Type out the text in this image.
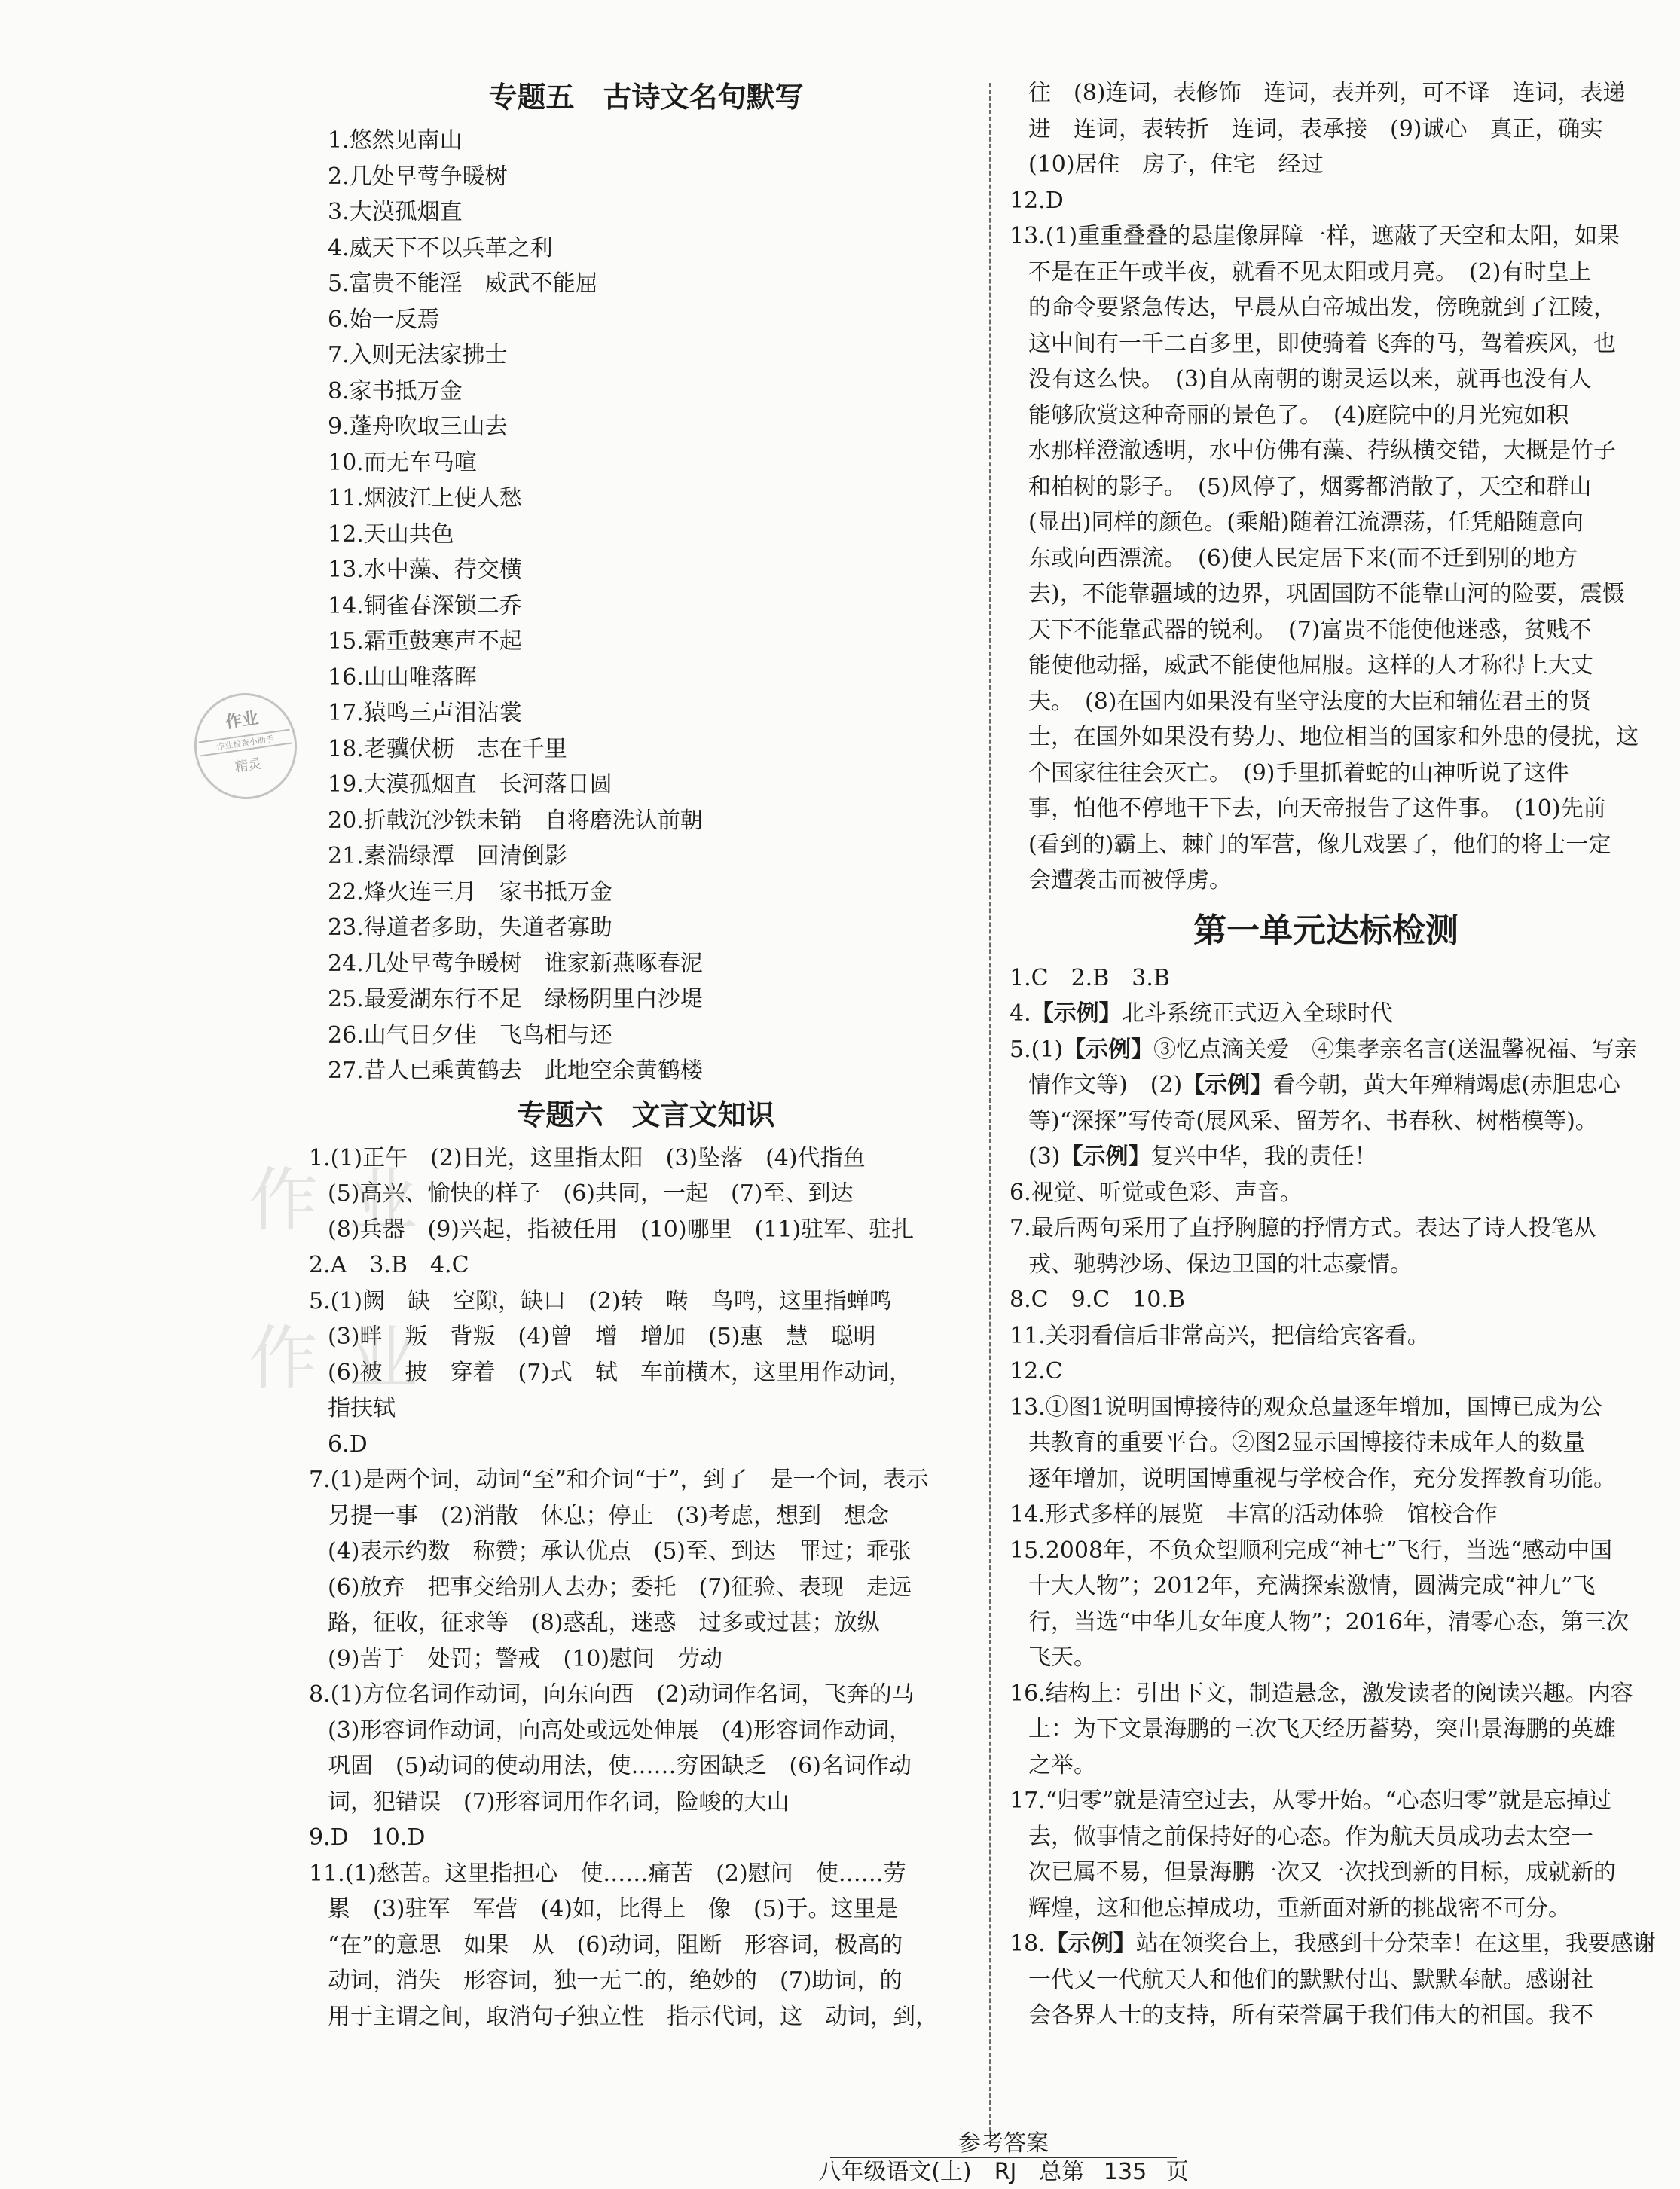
专题五　古诗文名句默写
1.悠然见南山
2.几处早莺争暖树
3.大漠孤烟直
4.威天下不以兵革之利
5.富贵不能淫　威武不能屈
6.始一反焉
7.入则无法家拂士
8.家书抵万金
9.蓬舟吹取三山去
10.而无车马喧
11.烟波江上使人愁
12.天山共色
13.水中藻、荇交横
14.铜雀春深锁二乔
15.霜重鼓寒声不起
16.山山唯落晖
17.猿鸣三声泪沾裳
18.老骥伏枥　志在千里
19.大漠孤烟直　长河落日圆
20.折戟沉沙铁未销　自将磨洗认前朝
21.素湍绿潭　回清倒影
22.烽火连三月　家书抵万金
23.得道者多助，失道者寡助
24.几处早莺争暖树　谁家新燕啄春泥
25.最爱湖东行不足　绿杨阴里白沙堤
26.山气日夕佳　飞鸟相与还
27.昔人已乘黄鹤去　此地空余黄鹤楼
专题六　文言文知识
1.(1)正午　(2)日光，这里指太阳　(3)坠落　(4)代指鱼
(5)高兴、愉快的样子　(6)共同，一起　(7)至、到达
(8)兵器　(9)兴起，指被任用　(10)哪里　(11)驻军、驻扎
2.A　3.B　4.C
5.(1)阙　缺　空隙，缺口　(2)转　啭　鸟鸣，这里指蝉鸣
(3)畔　叛　背叛　(4)曾　增　增加　(5)惠　慧　聪明
(6)被　披　穿着　(7)式　轼　车前横木，这里用作动词，
指扶轼
6.D
7.(1)是两个词，动词“至”和介词“于”，到了　是一个词，表示
另提一事　(2)消散　休息；停止　(3)考虑，想到　想念
(4)表示约数　称赞；承认优点　(5)至、到达　罪过；乖张
(6)放弃　把事交给别人去办；委托　(7)征验、表现　走远
路，征收，征求等　(8)惑乱，迷惑　过多或过甚；放纵
(9)苦于　处罚；警戒　(10)慰问　劳动
8.(1)方位名词作动词，向东向西　(2)动词作名词，飞奔的马
(3)形容词作动词，向高处或远处伸展　(4)形容词作动词，
巩固　(5)动词的使动用法，使……穷困缺乏　(6)名词作动
词，犯错误　(7)形容词用作名词，险峻的大山
9.D　10.D
11.(1)愁苦。这里指担心　使……痛苦　(2)慰问　使……劳
累　(3)驻军　军营　(4)如，比得上　像　(5)于。这里是
“在”的意思　如果　从　(6)动词，阻断　形容词，极高的
动词，消失　形容词，独一无二的，绝妙的　(7)助词，的
用于主谓之间，取消句子独立性　指示代词，这　动词，到，
往　(8)连词，表修饰　连词，表并列，可不译　连词，表递
进　连词，表转折　连词，表承接　(9)诚心　真正，确实
(10)居住　房子，住宅　经过
12.D
13.(1)重重叠叠的悬崖像屏障一样，遮蔽了天空和太阳，如果
不是在正午或半夜，就看不见太阳或月亮。　(2)有时皇上
的命令要紧急传达，早晨从白帝城出发，傍晚就到了江陵，
这中间有一千二百多里，即使骑着飞奔的马，驾着疾风，也
没有这么快。　(3)自从南朝的谢灵运以来，就再也没有人
能够欣赏这种奇丽的景色了。　(4)庭院中的月光宛如积
水那样澄澈透明，水中仿佛有藻、荇纵横交错，大概是竹子
和柏树的影子。　(5)风停了，烟雾都消散了，天空和群山
(显出)同样的颜色。(乘船)随着江流漂荡，任凭船随意向
东或向西漂流。　(6)使人民定居下来(而不迁到别的地方
去)，不能靠疆域的边界，巩固国防不能靠山河的险要，震慑
天下不能靠武器的锐利。　(7)富贵不能使他迷惑，贫贱不
能使他动摇，威武不能使他屈服。这样的人才称得上大丈
夫。　(8)在国内如果没有坚守法度的大臣和辅佐君王的贤
士，在国外如果没有势力、地位相当的国家和外患的侵扰，这
个国家往往会灭亡。　(9)手里抓着蛇的山神听说了这件
事，怕他不停地干下去，向天帝报告了这件事。　(10)先前
(看到的)霸上、棘门的军营，像儿戏罢了，他们的将士一定
会遭袭击而被俘虏。
第一单元达标检测
1.C　2.B　3.B
4.【示例】北斗系统正式迈入全球时代
5.(1)【示例】③忆点滴关爱　④集孝亲名言(送温馨祝福、写亲
情作文等)　(2)【示例】看今朝，黄大年殚精竭虑(赤胆忠心
等)“深探”写传奇(展风采、留芳名、书春秋、树楷模等)。
(3)【示例】复兴中华，我的责任！
6.视觉、听觉或色彩、声音。
7.最后两句采用了直抒胸臆的抒情方式。表达了诗人投笔从
戎、驰骋沙场、保边卫国的壮志豪情。
8.C　9.C　10.B
11.关羽看信后非常高兴，把信给宾客看。
12.C
13.①图1说明国博接待的观众总量逐年增加，国博已成为公
共教育的重要平台。②图2显示国博接待未成年人的数量
逐年增加，说明国博重视与学校合作，充分发挥教育功能。
14.形式多样的展览　丰富的活动体验　馆校合作
15.2008年，不负众望顺利完成“神七”飞行，当选“感动中国
十大人物”；2012年，充满探索激情，圆满完成“神九”飞
行，当选“中华儿女年度人物”；2016年，清零心态，第三次
飞天。
16.结构上：引出下文，制造悬念，激发读者的阅读兴趣。内容
上：为下文景海鹏的三次飞天经历蓄势，突出景海鹏的英雄
之举。
17.“归零”就是清空过去，从零开始。“心态归零”就是忘掉过
去，做事情之前保持好的心态。作为航天员成功去太空一
次已属不易，但景海鹏一次又一次找到新的目标，成就新的
辉煌，这和他忘掉成功，重新面对新的挑战密不可分。
18.【示例】站在领奖台上，我感到十分荣幸！在这里，我要感谢
一代又一代航天人和他们的默默付出、默默奉献。感谢社
会各界人士的支持，所有荣誉属于我们伟大的祖国。我不
作业
作业检查小助手
精灵
作业
作业
参考答案
八年级语文(上)　RJ　总第 135 页
